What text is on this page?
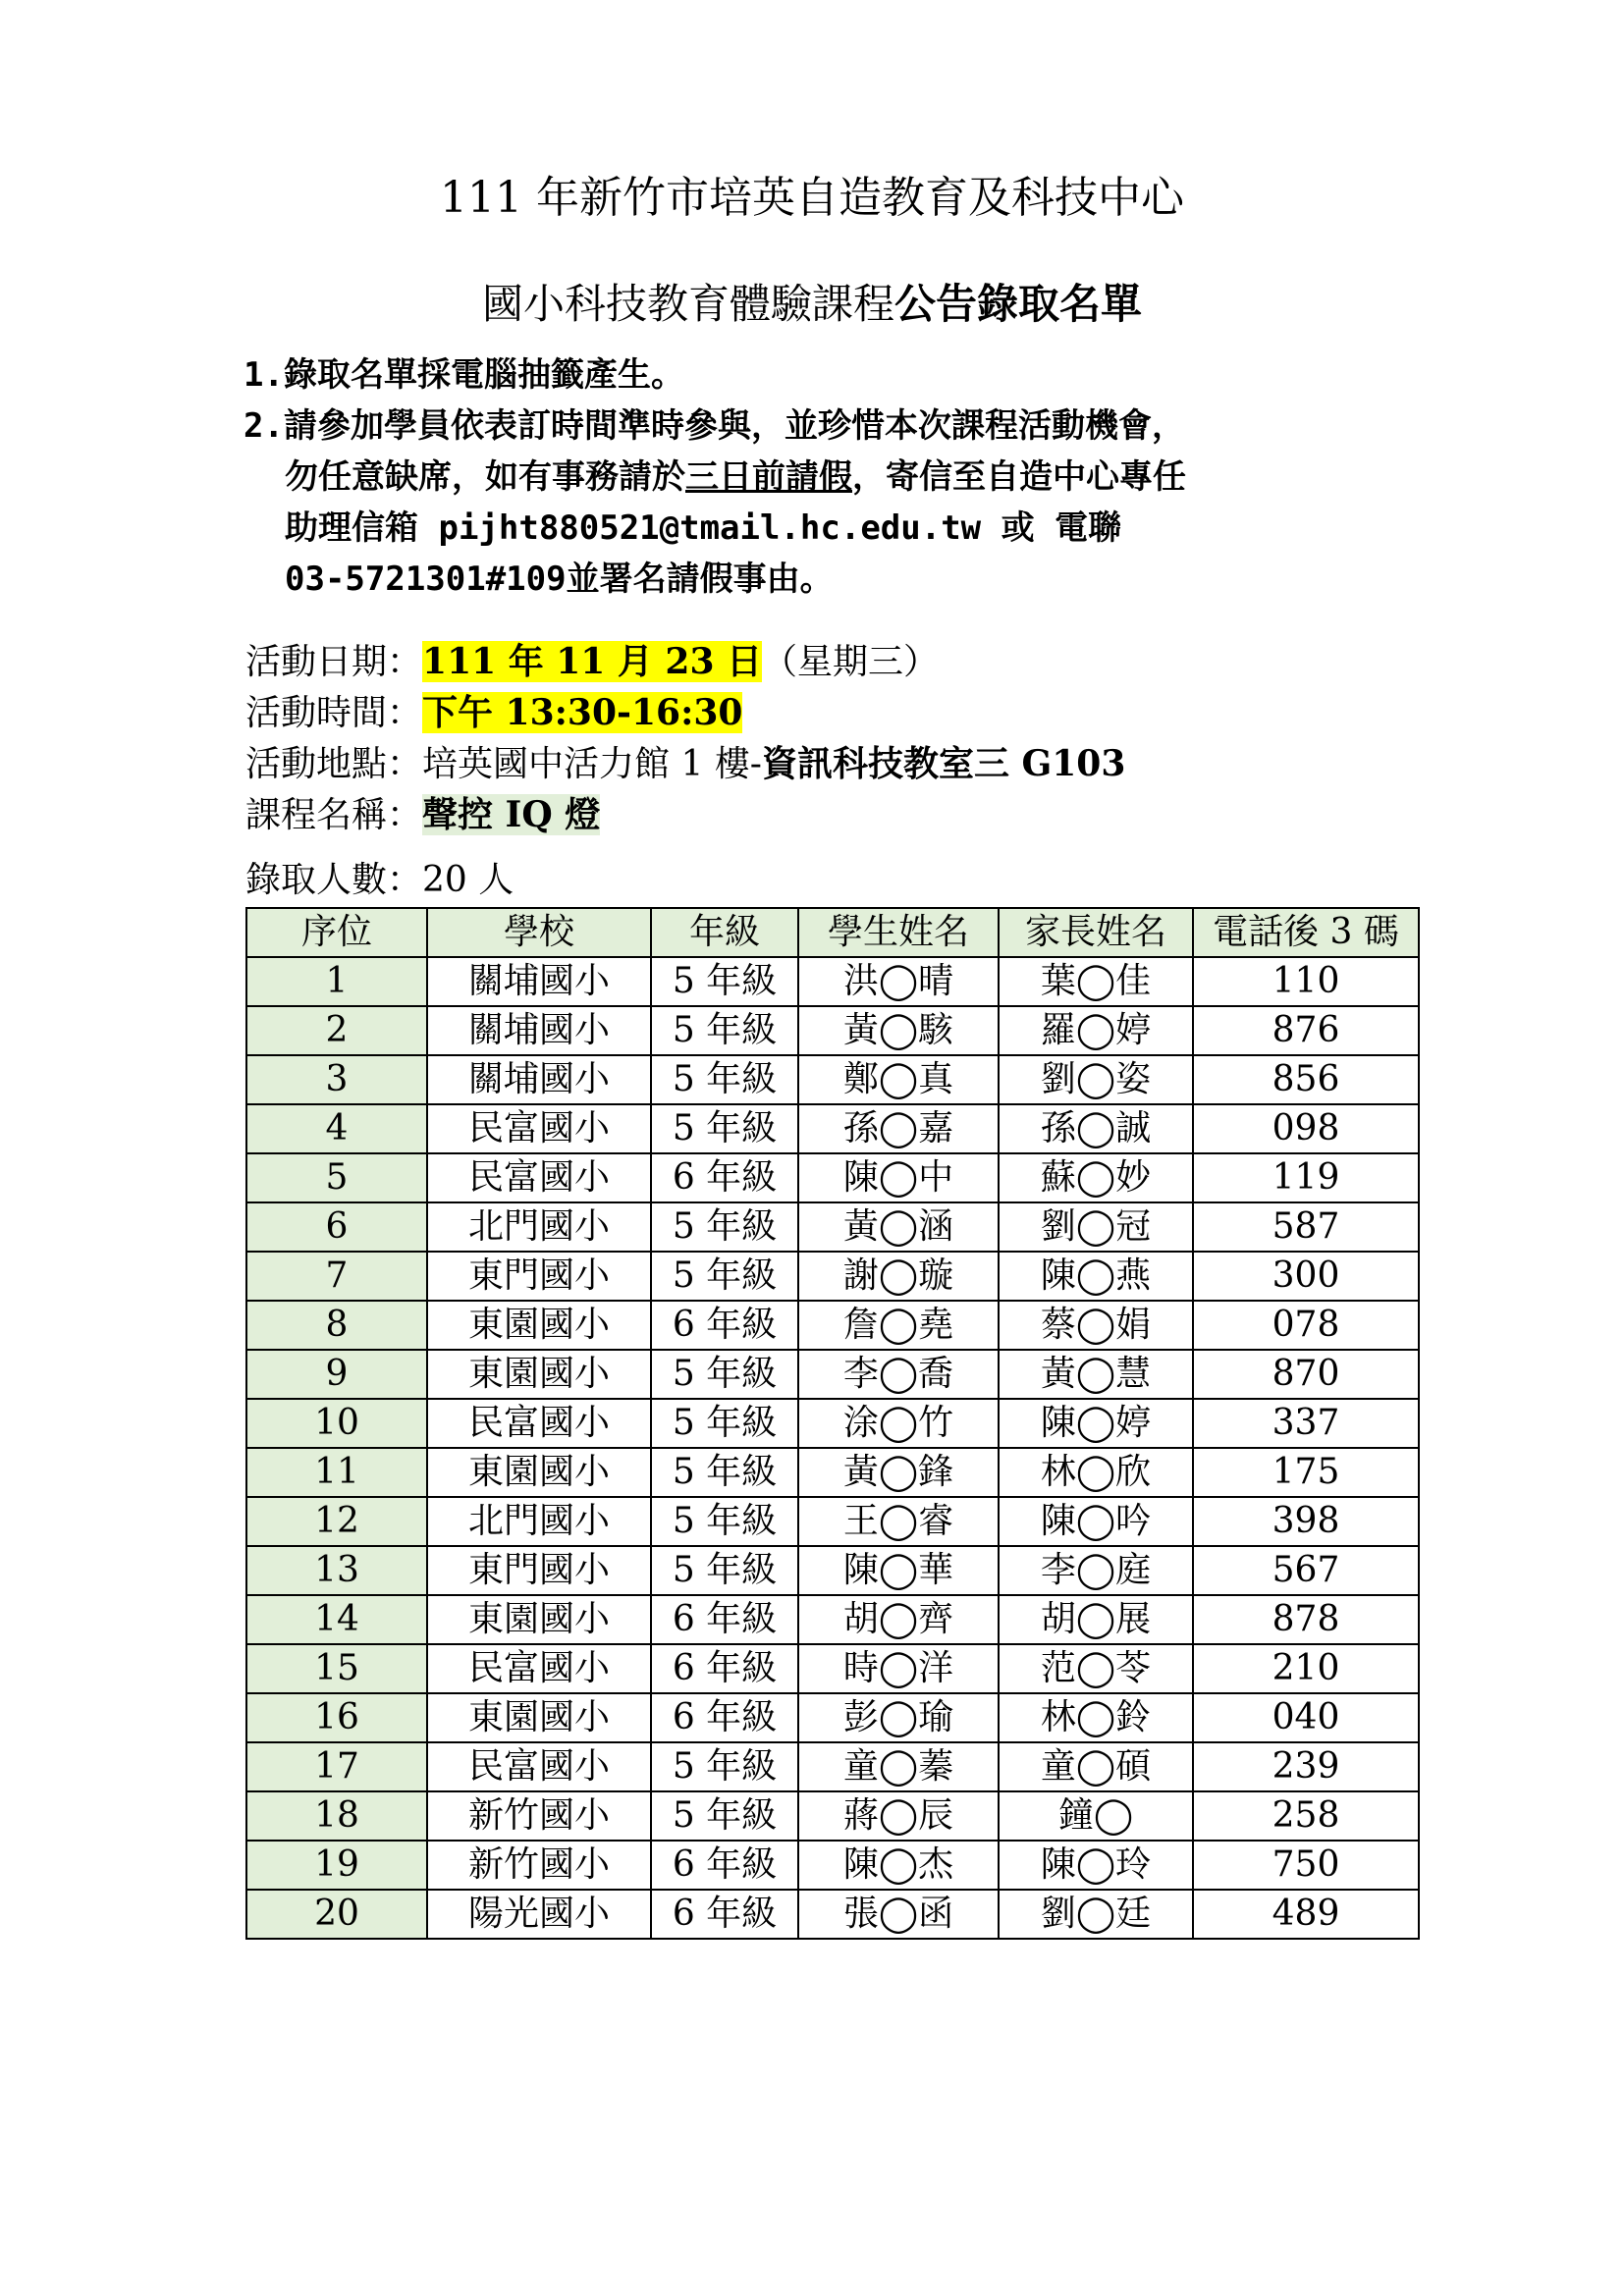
111 年新竹市培英自造教育及科技中心
國小科技教育體驗課程公告錄取名單
1.錄取名單採電腦抽籤產生。
2.請參加學員依表訂時間準時參與，並珍惜本次課程活動機會，
勿任意缺席，如有事務請於三日前請假，寄信至自造中心專任
助理信箱 pijht880521@tmail.hc.edu.tw 或 電聯
03-5721301#109並署名請假事由。
活動日期：111 年 11 月 23 日（星期三）
活動時間：下午 13:30-16:30
活動地點：培英國中活力館 1 樓-資訊科技教室三 G103
課程名稱：聲控 IQ 燈
錄取人數：20 人
序位	學校	年級	學生姓名	家長姓名	電話後 3 碼
1	關埔國小	5 年級	洪◯晴	葉◯佳	110
2	關埔國小	5 年級	黃◯駭	羅◯婷	876
3	關埔國小	5 年級	鄭◯真	劉◯姿	856
4	民富國小	5 年級	孫◯嘉	孫◯誠	098
5	民富國小	6 年級	陳◯中	蘇◯妙	119
6	北門國小	5 年級	黃◯涵	劉◯冠	587
7	東門國小	5 年級	謝◯璇	陳◯燕	300
8	東園國小	6 年級	詹◯堯	蔡◯娟	078
9	東園國小	5 年級	李◯喬	黃◯慧	870
10	民富國小	5 年級	涂◯竹	陳◯婷	337
11	東園國小	5 年級	黃◯鋒	林◯欣	175
12	北門國小	5 年級	王◯睿	陳◯吟	398
13	東門國小	5 年級	陳◯華	李◯庭	567
14	東園國小	6 年級	胡◯齊	胡◯展	878
15	民富國小	6 年級	時◯洋	范◯苓	210
16	東園國小	6 年級	彭◯瑜	林◯鈴	040
17	民富國小	5 年級	童◯蓁	童◯碩	239
18	新竹國小	5 年級	蔣◯辰	鐘◯	258
19	新竹國小	6 年級	陳◯杰	陳◯玲	750
20	陽光國小	6 年級	張◯函	劉◯廷	489
